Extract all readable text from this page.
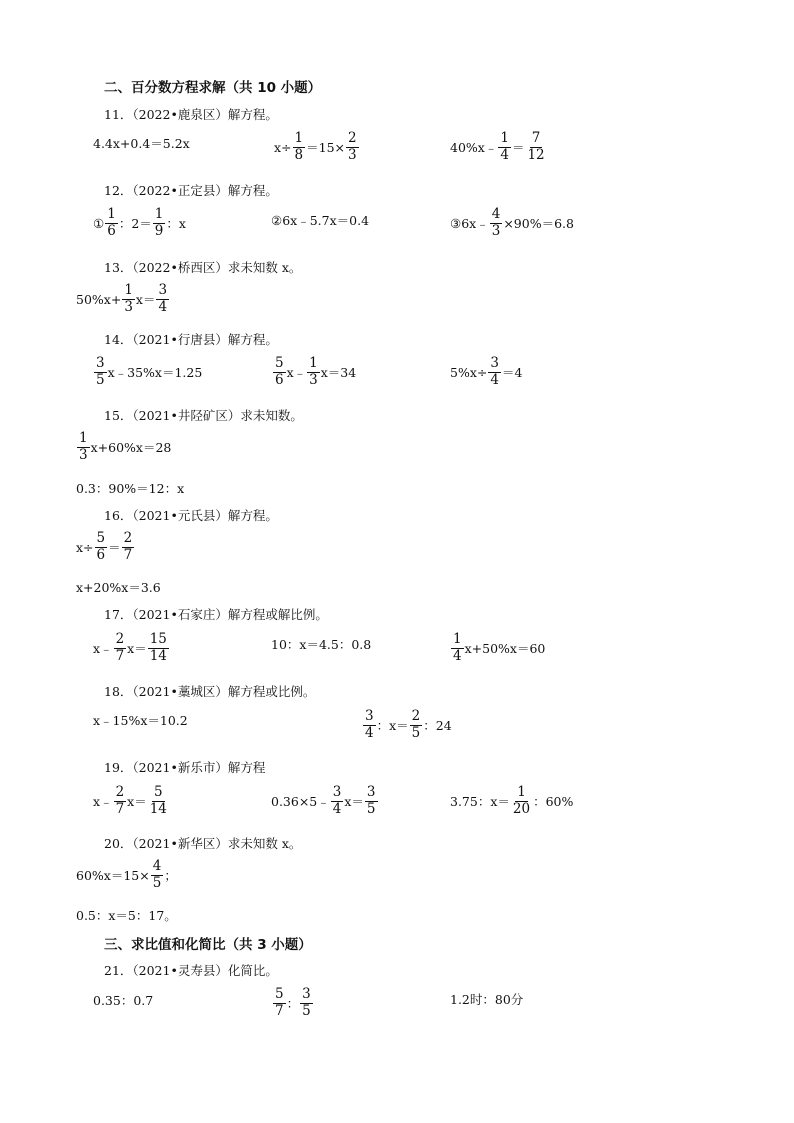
二、百分数方程求解（共 10 小题）
11．（2022•鹿泉区）解方程。
4.4x+0.4＝5.2x	$x\div \frac{1}{8} =15\times \frac{2}{3}$	40%x﹣ $\frac{1}{4} = \frac{7}{12}$
12．（2022•正定县）解方程。
① $\frac{1}{6}$ ：$2= \frac{1}{9}$ ：x	②6x﹣5.7x＝0.4	③6x﹣ $\frac{4}{3} \times 90\%=6.8$
13．（2022•桥西区）求未知数 x。
$50\%x+ \frac{1}{3} x= \frac{3}{4}$
14．（2021•行唐县）解方程。
$\frac{3}{5}$ x﹣35%x＝1.25	$\frac{5}{6}$ x﹣ $\frac{1}{3} x=34$	$5\%x\div \frac{3}{4} =4$
15．（2021•井陉矿区）求未知数。
$\frac{1}{3} x+60\%x=28$
0.3：90%＝12：x
16．（2021•元氏县）解方程。
$x\div \frac{5}{6} = \frac{2}{7}$
x+20%x＝3.6
17．（2021•石家庄）解方程或解比例。
x﹣ $\frac{2}{7} x= \frac{15}{14}$	10：x＝4.5：0.8	$\frac{1}{4} x+50\%x=60$
18．（2021•藁城区）解方程或比例。
x﹣15%x＝10.2	$\frac{3}{4}$ ：$x= \frac{2}{5}$ ：24
19．（2021•新乐市）解方程
x﹣ $\frac{2}{7} x= \frac{5}{14}$	0.36×5﹣ $\frac{3}{4} x= \frac{3}{5}$	3.75：$x= \frac{1}{20}$ ：60%
20．（2021•新华区）求未知数 x。
$60\%x=15\times \frac{4}{5}$ ；
0.5：x＝5：17。
三、求比值和化简比（共 3 小题）
21．（2021•灵寿县）化简比。
0.35：0.7	$\frac{5}{7}$ ： $\frac{3}{5}$	1.2时：80分
